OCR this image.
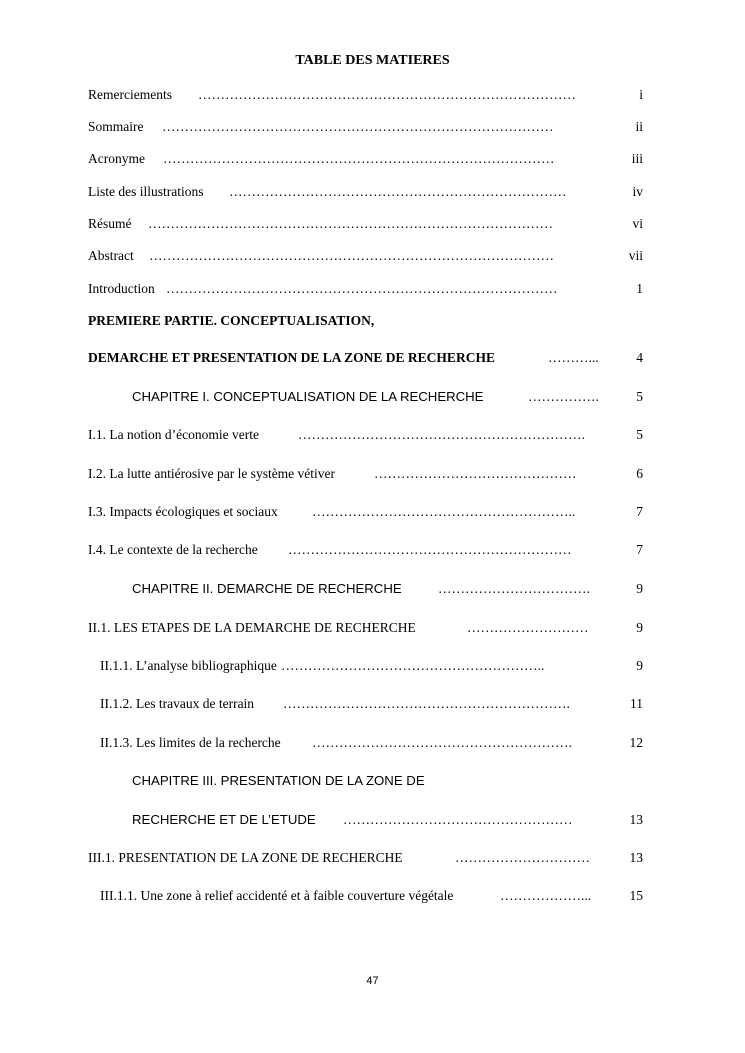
TABLE DES MATIERES
Remerciements …………………………………………………………………………	i
Sommaire ……………………………………………………………………………	ii
Acronyme ……………………………………………………………………………	iii
Liste des illustrations …………………………………………………………………	iv
Résumé ………………………………………………………………………………	vi
Abstract ………………………………………………………………………………	vii
Introduction ……………………………………………………………………………	1
PREMIERE PARTIE. CONCEPTUALISATION,
DEMARCHE ET PRESENTATION DE LA ZONE DE RECHERCHE	………...	4
CHAPITRE I. CONCEPTUALISATION DE LA RECHERCHE	…………….	5
I.1. La notion d’économie verte	……………………………………………………….	5
I.2. La lutte antiérosive par le système vétiver	………………………………………	6
I.3. Impacts écologiques et sociaux	…………………………………………………..	7
I.4. Le contexte de la recherche ………………………………………………………	7
CHAPITRE II. DEMARCHE DE RECHERCHE	…………………………….	9
II.1. LES ETAPES DE LA DEMARCHE DE RECHERCHE	………………………	9
II.1.1. L’analyse bibliographique …………………………………………………..	9
II.1.2. Les travaux de terrain ……………………………………………………….	11
II.1.3. Les limites de la recherche ………………………………………………….	12
CHAPITRE III. PRESENTATION DE LA ZONE DE
RECHERCHE ET DE L’ETUDE ……………………………………………	13
III.1. PRESENTATION DE LA ZONE DE RECHERCHE	…………………………	13
III.1.1. Une zone à relief accidenté et à faible couverture végétale	………………...	15
47
